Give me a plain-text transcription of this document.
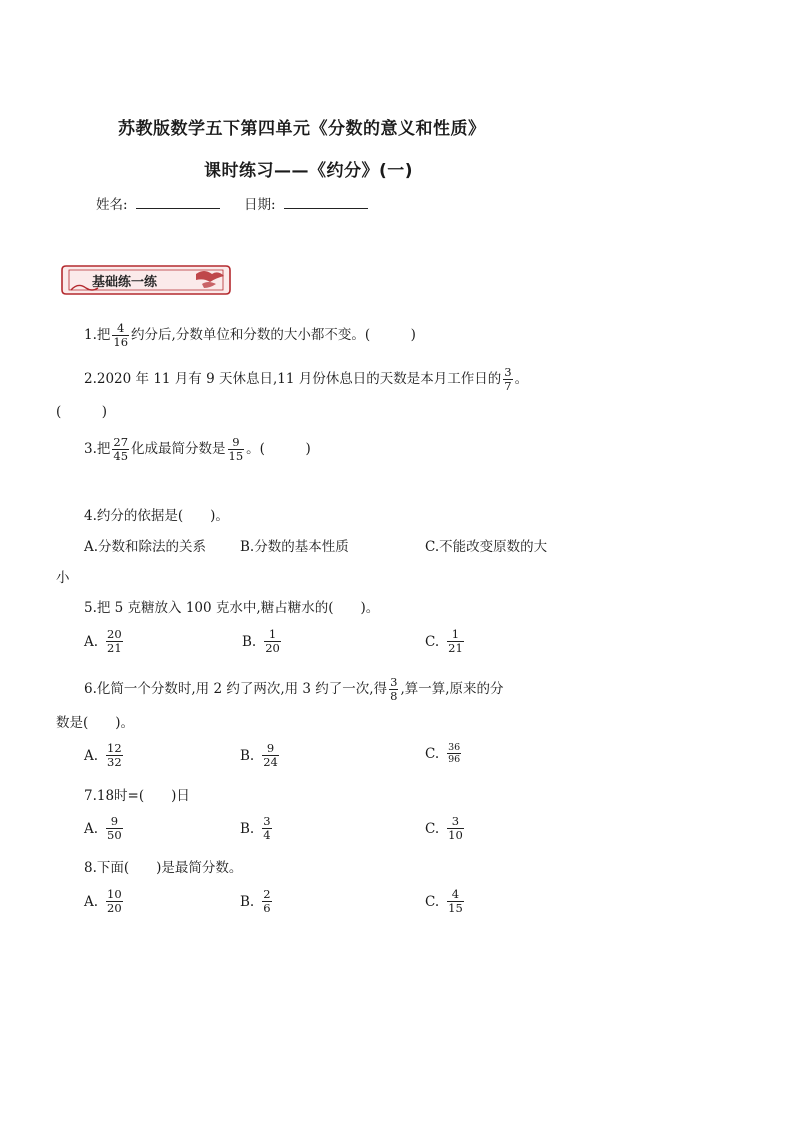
苏教版数学五下第四单元《分数的意义和性质》
课时练习——《约分》(一)
姓名:	日期:
基础练一练
1.把 $\frac{4}{16}$ 约分后,分数单位和分数的大小都不变。(　　　)
2.2020 年 11 月有 9 天休息日,11 月份休息日的天数是本月工作日的 $\frac{3}{7}$ 。
(　　　)
3.把 $\frac{27}{45}$ 化成最简分数是 $\frac{9}{15}$ 。(　　　)
4.约分的依据是(　　)。
A.分数和除法的关系	B.分数的基本性质	C.不能改变原数的大
小
5.把 5 克糖放入 100 克水中,糖占糖水的(　　)。
A. $\frac{20}{21}$	B. $\frac{1}{20}$	C. $\frac{1}{21}$
6.化简一个分数时,用 2 约了两次,用 3 约了一次,得 $\frac{3}{8}$ ,算一算,原来的分
数是(　　)。
A. $\frac{12}{32}$	B. $\frac{9}{24}$	C. $\frac{36}{96}$
7.18时=(　　)日
A. $\frac{9}{50}$	B. $\frac{3}{4}$	C. $\frac{3}{10}$
8.下面(　　)是最简分数。
A. $\frac{10}{20}$	B. $\frac{2}{6}$	C. $\frac{4}{15}$
